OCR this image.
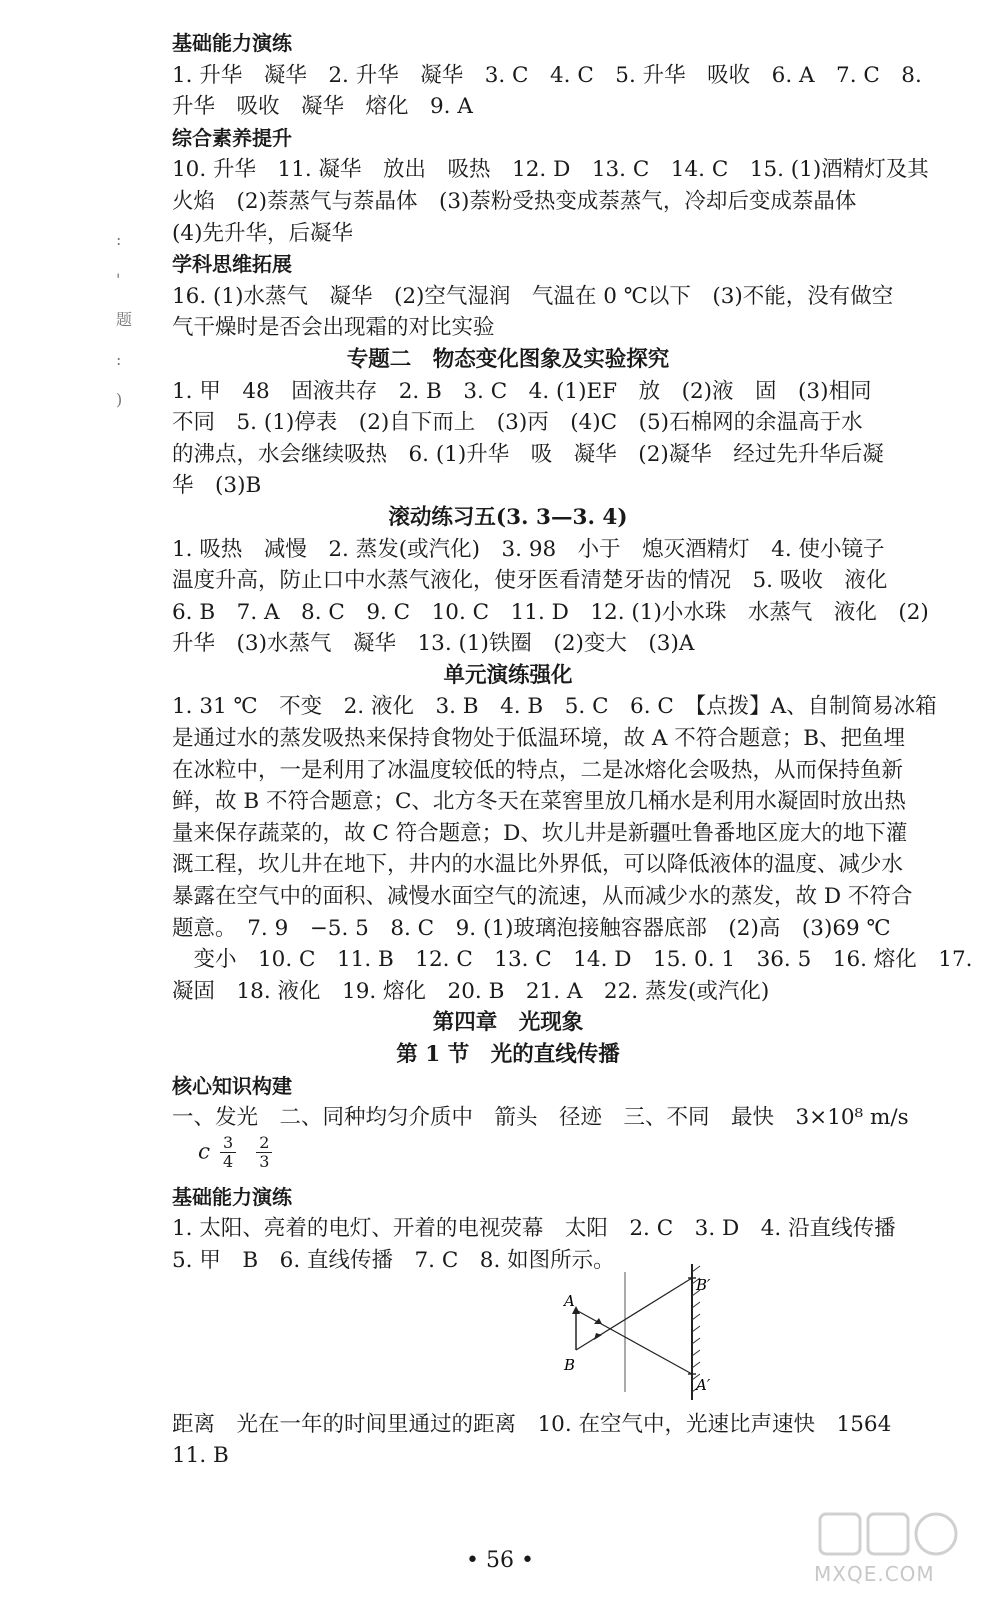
基础能力演练
1. 升华　凝华　2. 升华　凝华　3. C　4. C　5. 升华　吸收　6. A　7. C　8.
升华　吸收　凝华　熔化　9. A
综合素养提升
10. 升华　11. 凝华　放出　吸热　12. D　13. C　14. C　15. (1)酒精灯及其
火焰　(2)萘蒸气与萘晶体　(3)萘粉受热变成萘蒸气，冷却后变成萘晶体
(4)先升华，后凝华
学科思维拓展
16. (1)水蒸气　凝华　(2)空气湿润　气温在 0 ℃以下　(3)不能，没有做空
气干燥时是否会出现霜的对比实验
专题二　物态变化图象及实验探究
1. 甲　48　固液共存　2. B　3. C　4. (1)EF　放　(2)液　固　(3)相同
不同　5. (1)停表　(2)自下而上　(3)丙　(4)C　(5)石棉网的余温高于水
的沸点，水会继续吸热　6. (1)升华　吸　凝华　(2)凝华　经过先升华后凝
华　(3)B
滚动练习五(3. 3—3. 4)
1. 吸热　减慢　2. 蒸发(或汽化)　3. 98　小于　熄灭酒精灯　4. 使小镜子
温度升高，防止口中水蒸气液化，使牙医看清楚牙齿的情况　5. 吸收　液化
6. B　7. A　8. C　9. C　10. C　11. D　12. (1)小水珠　水蒸气　液化　(2)
升华　(3)水蒸气　凝华　13. (1)铁圈　(2)变大　(3)A
单元演练强化
1. 31 ℃　不变　2. 液化　3. B　4. B　5. C　6. C　【点拨】A、自制简易冰箱
是通过水的蒸发吸热来保持食物处于低温环境，故 A 不符合题意；B、把鱼埋
在冰粒中，一是利用了冰温度较低的特点，二是冰熔化会吸热，从而保持鱼新
鲜，故 B 不符合题意；C、北方冬天在菜窖里放几桶水是利用水凝固时放出热
量来保存蔬菜的，故 C 符合题意；D、坎儿井是新疆吐鲁番地区庞大的地下灌
溉工程，坎儿井在地下，井内的水温比外界低，可以降低液体的温度、减少水
暴露在空气中的面积、减慢水面空气的流速，从而减少水的蒸发，故 D 不符合
题意。　7. 9　−5. 5　8. C　9. (1)玻璃泡接触容器底部　(2)高　(3)69 ℃
　变小　10. C　11. B　12. C　13. C　14. D　15. 0. 1　36. 5　16. 熔化　17.
凝固　18. 液化　19. 熔化　20. B　21. A　22. 蒸发(或汽化)
第四章　光现象
第 1 节　光的直线传播
核心知识构建
一、发光　二、同种均匀介质中　箭头　径迹　三、不同　最快　3×10⁸ m/s
c $\frac{3}{4} \frac{2}{3}$
基础能力演练
1. 太阳、亮着的电灯、开着的电视荧幕　太阳　2. C　3. D　4. 沿直线传播
5. 甲　B　6. 直线传播　7. C　8. 如图所示。
距离　光在一年的时间里通过的距离　10. 在空气中，光速比声速快　1564
11. B
:
'
题
:
)
A
B
B′
A′
• 56 •
MXQE.COM
